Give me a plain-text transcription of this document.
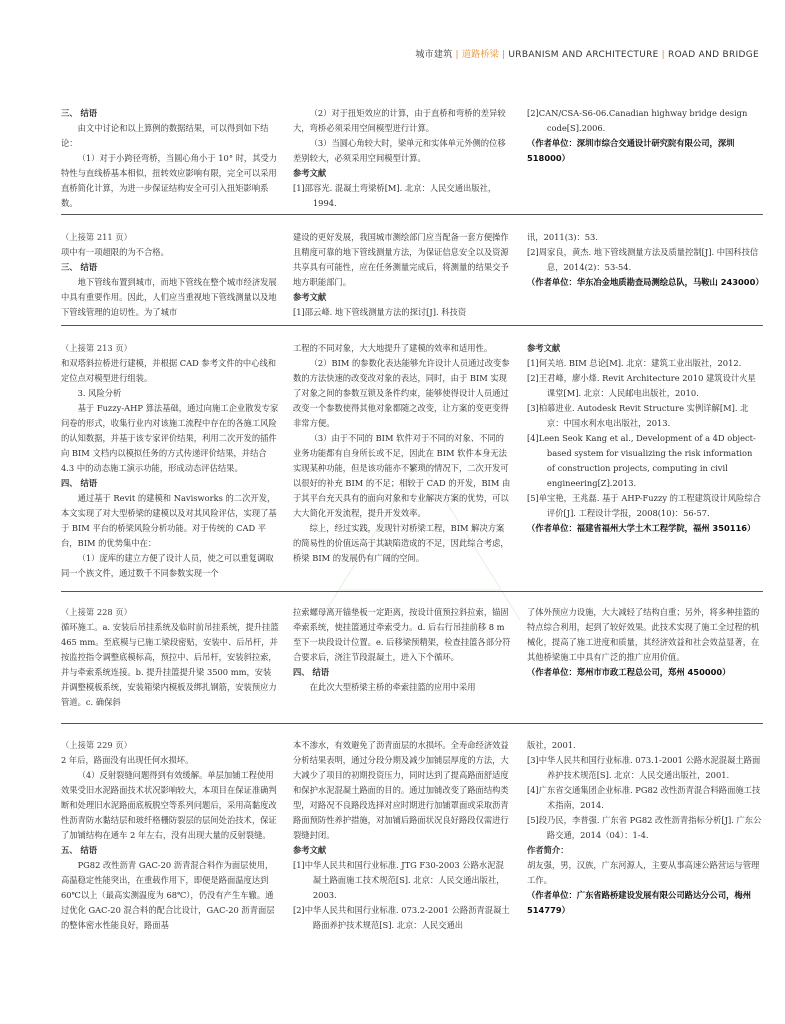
城市建筑 | 道路桥梁 | URBANISM AND ARCHITECTURE | ROAD AND BRIDGE

三、 结语

由文中讨论和以上算例的数据结果，可以得到如下结论：

（1）对于小跨径弯桥，当圆心角小于 10° 时，其受力特性与直线桥基本相似，扭转效应影响有限，完全可以采用直桥简化计算，为进一步保证结构安全可引入扭矩影响系数。

（2）对于扭矩效应的计算，由于直桥和弯桥的差异较大，弯桥必须采用空间模型进行计算。

（3）当圆心角较大时，梁单元和实体单元外侧的位移差别较大，必须采用空间模型计算。

参考文献

[1]邵容光. 混凝土弯梁桥[M]. 北京：人民交通出版社，1994.

[2]CAN/CSA-S6-06.Canadian highway bridge design code[S].2006.

（作者单位：深圳市综合交通设计研究院有限公司，深圳 518000）

（上接第 211 页）

项中有一项超限的为不合格。

三、 结语

地下管线布置到城市，而地下管线在整个城市经济发展中具有重要作用。因此，人们应当重视地下管线测量以及地下管线管理的迫切性。为了城市

建设的更好发展，我国城市测绘部门应当配备一套方便操作且精度可靠的地下管线测量方法，为保证信息安全以及资源共享具有可能性，应在任务测量完成后，将测量的结果交予地方职能部门。

参考文献

[1]邵云峰. 地下管线测量方法的探讨[J]. 科技资

讯，2011(3)：53.

[2]周家良，黄杰. 地下管线测量方法及质量控制[J]. 中国科技信息，2014(2)：53-54.

（作者单位：华东冶金地质勘查局测绘总队，马鞍山 243000）

（上接第 213 页）

和双塔斜拉桥进行建模，并根据 CAD 参考文件的中心线和定位点对模型进行组装。

3. 风险分析

基于 Fuzzy-AHP 算法基础，通过向施工企业散发专家问卷的形式，收集行业内对该施工流程中存在的各施工风险的认知数据，并基于该专家评价结果，利用二次开发的插件向 BIM 文档内以模拟任务的方式传递评价结果，并结合 4.3 中的动态施工演示功能，形成动态评估结果。

四、 结语

通过基于 Revit 的建模和 Navisworks 的二次开发，本文实现了对大型桥梁的建模以及对其风险评估，实现了基于 BIM 平台的桥梁风险分析功能。对于传统的 CAD 平台，BIM 的优势集中在：

（1）庞库的建立方便了设计人员，使之可以重复调取同一个族文件，通过数千不同参数实现一个

工程的不同对象，大大地提升了建模的效率和适用性。

（2）BIM 的参数化表达能够允许设计人员通过改变参数的方法快速的改变改对象的表达，同时，由于 BIM 实现了对象之间的参数互锁及条件约束，能够使得设计人员通过改变一个参数使得其他对象都随之改变，让方案的变更变得非常方便。

（3）由于不同的 BIM 软件对于不同的对象、不同的业务功能都有自身所长或不足，因此在 BIM 软件本身无法实现某种功能，但是该功能亦不繁琐的情况下，二次开发可以很好的补充 BIM 的不足；相较于 CAD 的开发，BIM 由于其平台充天具有的面向对象和专业解决方案的优势，可以大大简化开发流程，提升开发效率。

综上，经过实践，发现针对桥梁工程，BIM 解决方案的简易性的价值远高于其缺陷造成的不足，因此综合考虑，桥梁 BIM 的发展仍有广阔的空间。

参考文献

[1]何关培. BIM 总论[M]. 北京：建筑工业出版社，2012.

[2]王君峰，廖小烽. Revit Architecture 2010 建筑设计火星课堂[M]. 北京：人民邮电出版社，2010.

[3]柏慕进业. Autodesk Revit Structure 实例详解[M]. 北京：中国水利水电出版社，2013.

[4]Leen Seok Kang et al., Development of a 4D object-based system for visualizing the risk information of construction projects, computing in civil engineering[Z].2013.

[5]单宝艳，王兆磊. 基于 AHP-Fuzzy 的工程建筑设计风险综合评价[J]. 工程设计学报，2008(10)：56-57.

（作者单位：福建省福州大学土木工程学院，福州 350116）

（上接第 228 页）

循环施工。a. 安装后吊挂系统及临时前吊挂系统，提升挂篮 465 mm。至底模与已施工梁段密贴，安装中、后吊杆，并按监控指令调整底模标高，预拉中、后吊杆，安装斜拉索，并与牵索系统连接。b. 提升挂篮提升梁 3500 mm，安装并调整模板系统，安装箱梁内模板及绑扎钢筋，安装预应力管道。c. 确保斜

拉索螺母离开锚垫板一定距离，按设计值预拉斜拉索，锚固牵索系统，使挂篮通过牵索受力。d. 后右行吊挂前移 8 m 至下一块段设计位置。e. 后移梁预精架，检查挂篮各部分符合要求后，浇注节段混凝土，进入下个循环。

四、 结语

在此次大型桥梁主桥的牵索挂篮的应用中采用

了体外预应力设施，大大减轻了结构自重；另外，将多种挂篮的特点综合利用，起到了较好效果。此技术实现了施工全过程的机械化，提高了施工进度和质量，其经济效益和社会效益显著，在其他桥梁施工中具有广泛的推广应用价值。

（作者单位：郑州市市政工程总公司，郑州 450000）

（上接第 229 页）

2 年后，路面没有出现任何水损坏。

（4）反射裂缝问题得到有效缓解。单层加铺工程使用效果受旧水泥路面技术状况影响较大，本项目在保证准确判断和处理旧水泥路面底板脱空等系列问题后，采用高黏度改性沥青防水黏结层和玻纤格栅防裂层的层间处治技术，保证了加铺结构在通车 2 年左右，没有出现大量的反射裂缝。

五、 结语

PG82 改性沥青 GAC-20 沥青混合料作为面层使用，高温稳定性能突出，在重载作用下，即便是路面温度达到 60℃以上（最高实测温度为 68℃），仍没有产生车辙。通过优化 GAC-20 混合料的配合比设计，GAC-20 沥青面层的整体密水性能良好，路面基

本不渗水，有效避免了沥青面层的水损坏。全寿命经济效益分析结果表明，通过分段分期及减少加铺层厚度的方法，大大减少了项目的初期投资压力，同时达到了提高路面舒适度和保护水泥混凝土路面的目的。通过加铺改变了路面结构类型，对路况不良路段选择对应时期进行加铺罩面或采取沥青路面预防性养护措施，对加铺后路面状况良好路段仅需进行裂缝封闭。

参考文献

[1]中华人民共和国行业标准. JTG F30-2003 公路水泥混凝土路面施工技术规范[S]. 北京：人民交通出版社，2003.

[2]中华人民共和国行业标准. 073.2-2001 公路沥青混凝土路面养护技术规范[S]. 北京：人民交通出

版社，2001.

[3]中华人民共和国行业标准. 073.1-2001 公路水泥混凝土路面养护技术规范[S]. 北京：人民交通出版社，2001.

[4]广东省交通集团企业标准. PG82 改性沥青混合料路面施工技术指南，2014.

[5]段乃民，李普强. 广东省 PG82 改性沥青指标分析[J]. 广东公路交通，2014（04）：1-4.

作者简介：

胡友强，男，汉族，广东河源人，主要从事高速公路营运与管理工作。

（作者单位：广东省路桥建设发展有限公司路达分公司，梅州 514779）
